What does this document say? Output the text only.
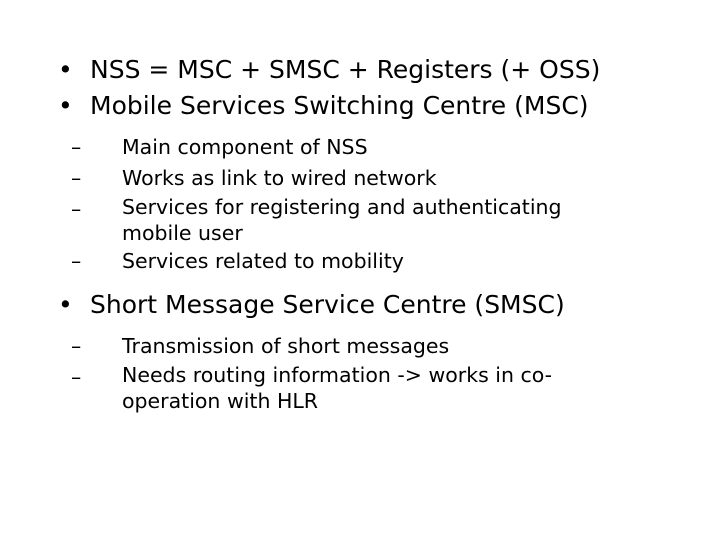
• NSS = MSC + SMSC + Registers (+ OSS)
• Mobile Services Switching Centre (MSC)
–	Main component of NSS
–	Works as link to wired network
–	Services for registering and authenticating
mobile user
–	Services related to mobility
• Short Message Service Centre (SMSC)
–	Transmission of short messages
–	Needs routing information -> works in co-
operation with HLR
